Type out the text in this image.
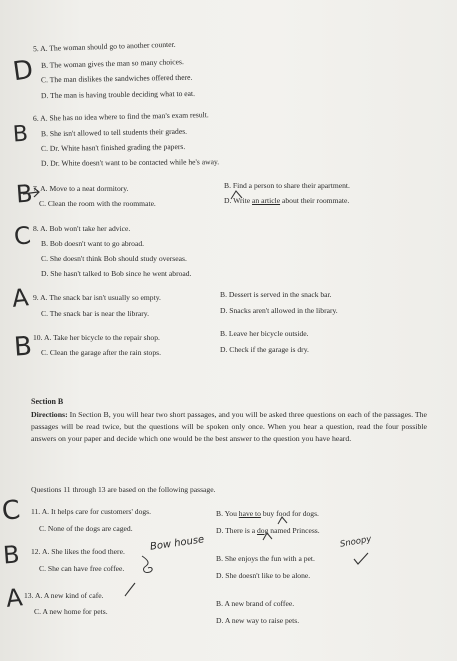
D
5. A. The woman should go to another counter.
B. The woman gives the man so many choices.
C. The man dislikes the sandwiches offered there.
D. The man is having trouble deciding what to eat.
B
6. A. She has no idea where to find the man's exam result.
B. She isn't allowed to tell students their grades.
C. Dr. White hasn't finished grading the papers.
D. Dr. White doesn't want to be contacted while he's away.
B 7. A. Move to a neat dormitory.	B. Find a person to share their apartment.
C. Clean the room with the roommate.	D. Write an article about their roommate.
C 8. A. Bob won't take her advice.
B. Bob doesn't want to go abroad.
C. She doesn't think Bob should study overseas.
D. She hasn't talked to Bob since he went abroad.
A 9. A. The snack bar isn't usually so empty.	B. Dessert is served in the snack bar.
C. The snack bar is near the library.	D. Snacks aren't allowed in the library.
B 10. A. Take her bicycle to the repair shop.	B. Leave her bicycle outside.
C. Clean the garage after the rain stops.	D. Check if the garage is dry.
Section B
Directions: In Section B, you will hear two short passages, and you will be asked three questions on each of the passages. The passages will be read twice, but the questions will be spoken only once. When you hear a question, read the four possible answers on your paper and decide which one would be the best answer to the question you have heard.
Questions 11 through 13 are based on the following passage.
C 11. A. It helps care for customers' dogs.	B. You have to buy food for dogs.
C. None of the dogs are caged.	D. There is a dog named Princess.
B	Bow house	Snoopy
12. A. She likes the food there.
B. She enjoys the fun with a pet.
C. She can have free coffee.
D. She doesn't like to be alone.
A 13. A. A new kind of cafe.
B. A new brand of coffee.
C. A new home for pets.
D. A new way to raise pets.
